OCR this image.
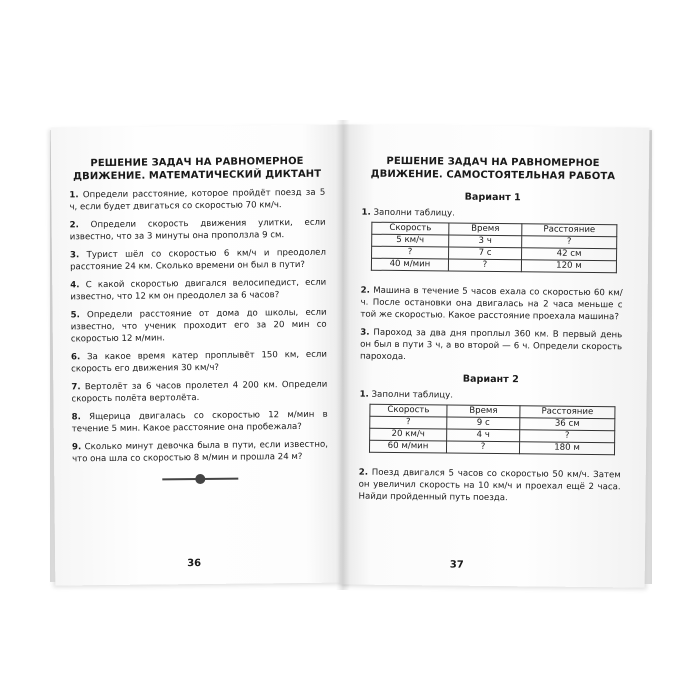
РЕШЕНИЕ ЗАДАЧ НА РАВНОМЕРНОЕ ДВИЖЕНИЕ. МАТЕМАТИЧЕСКИЙ ДИКТАНТ
1. Определи расстояние, которое пройдёт поезд за 5 ч, если будет двигаться со скоростью 70 км/ч.
2. Определи скорость движения улитки, если известно, что за 3 минуты она проползла 9 см.
3. Турист шёл со скоростью 6 км/ч и преодолел расстояние 24 км. Сколько времени он был в пути?
4. С какой скоростью двигался велосипедист, если известно, что 12 км он преодолел за 6 часов?
5. Определи расстояние от дома до школы, если известно, что ученик проходит его за 20 мин со скоростью 12 м/мин.
6. За какое время катер проплывёт 150 км, если скорость его движения 30 км/ч?
7. Вертолёт за 6 часов пролетел 4 200 км. Определи скорость полёта вертолёта.
8. Ящерица двигалась со скоростью 12 м/мин в течение 5 мин. Какое расстояние она пробежала?
9. Сколько минут девочка была в пути, если известно, что она шла со скоростью 8 м/мин и прошла 24 м?
36
РЕШЕНИЕ ЗАДАЧ НА РАВНОМЕРНОЕ ДВИЖЕНИЕ. САМОСТОЯТЕЛЬНАЯ РАБОТА
Вариант 1
1. Заполни таблицу.
Скорость	Время	Расстояние
5 км/ч	3 ч	?
?	7 с	42 см
40 м/мин	?	120 м
2. Машина в течение 5 часов ехала со скоростью 60 км/ч. После остановки она двигалась на 2 часа меньше с той же скоростью. Какое расстояние проехала машина?
3. Пароход за два дня проплыл 360 км. В первый день он был в пути 3 ч, а во второй — 6 ч. Определи скорость парохода.
Вариант 2
1. Заполни таблицу.
Скорость	Время	Расстояние
?	9 с	36 см
20 км/ч	4 ч	?
60 м/мин	?	180 м
2. Поезд двигался 5 часов со скоростью 50 км/ч. Затем он увеличил скорость на 10 км/ч и проехал ещё 2 часа. Найди пройденный путь поезда.
37
